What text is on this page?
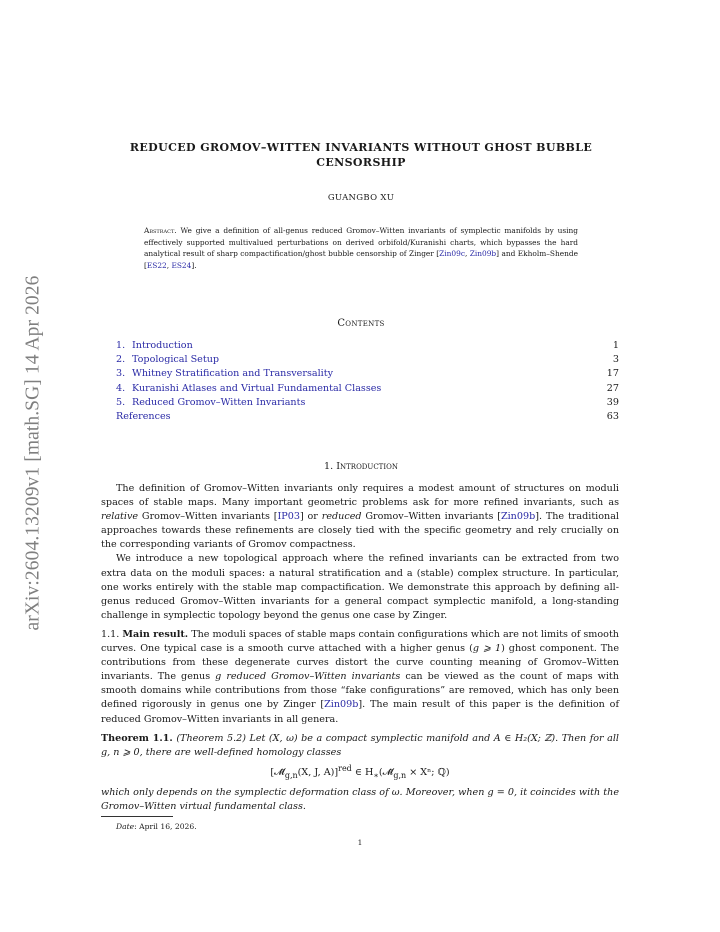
arXiv:2604.13209v1 [math.SG] 14 Apr 2026
REDUCED GROMOV–WITTEN INVARIANTS WITHOUT GHOST BUBBLE CENSORSHIP
GUANGBO XU
Abstract. We give a definition of all-genus reduced Gromov–Witten invariants of symplectic manifolds by using effectively supported multivalued perturbations on derived orbifold/Kuranishi charts, which bypasses the hard analytical result of sharp compactification/ghost bubble censorship of Zinger [Zin09c, Zin09b] and Ekholm–Shende [ES22, ES24].
Contents
1. Introduction	1
2. Topological Setup	3
3. Whitney Stratification and Transversality	17
4. Kuranishi Atlases and Virtual Fundamental Classes	27
5. Reduced Gromov–Witten Invariants	39
References	63
1. Introduction

The definition of Gromov–Witten invariants only requires a modest amount of structures on moduli spaces of stable maps. Many important geometric problems ask for more refined invariants, such as relative Gromov–Witten invariants [IP03] or reduced Gromov–Witten invariants [Zin09b]. The traditional approaches towards these refinements are closely tied with the specific geometry and rely crucially on the corresponding variants of Gromov compactness.

We introduce a new topological approach where the refined invariants can be extracted from two extra data on the moduli spaces: a natural stratification and a (stable) complex structure. In particular, one works entirely with the stable map compactification. We demonstrate this approach by defining all-genus reduced Gromov–Witten invariants for a general compact symplectic manifold, a long-standing challenge in symplectic topology beyond the genus one case by Zinger.

1.1. Main result. The moduli spaces of stable maps contain configurations which are not limits of smooth curves. One typical case is a smooth curve attached with a higher genus (g ⩾ 1) ghost component. The contributions from these degenerate curves distort the curve counting meaning of Gromov–Witten invariants. The genus g reduced Gromov–Witten invariants can be viewed as the count of maps with smooth domains while contributions from those “fake configurations” are removed, which has only been defined rigorously in genus one by Zinger [Zin09b]. The main result of this paper is the definition of reduced Gromov–Witten invariants in all genera.

Theorem 1.1. (Theorem 5.2) Let (X, ω) be a compact symplectic manifold and A ∈ H₂(X; ℤ). Then for all g, n ⩾ 0, there are well-defined homology classes

[$𝓜̄_{g,n}(X$, J, A)]$^{red}$ ∈ $H_∗(𝓜̄_{g,n} \times X^n$; ℚ)

which only depends on the symplectic deformation class of ω. Moreover, when g = 0, it coincides with the Gromov–Witten virtual fundamental class.

Date: April 16, 2026.
1
